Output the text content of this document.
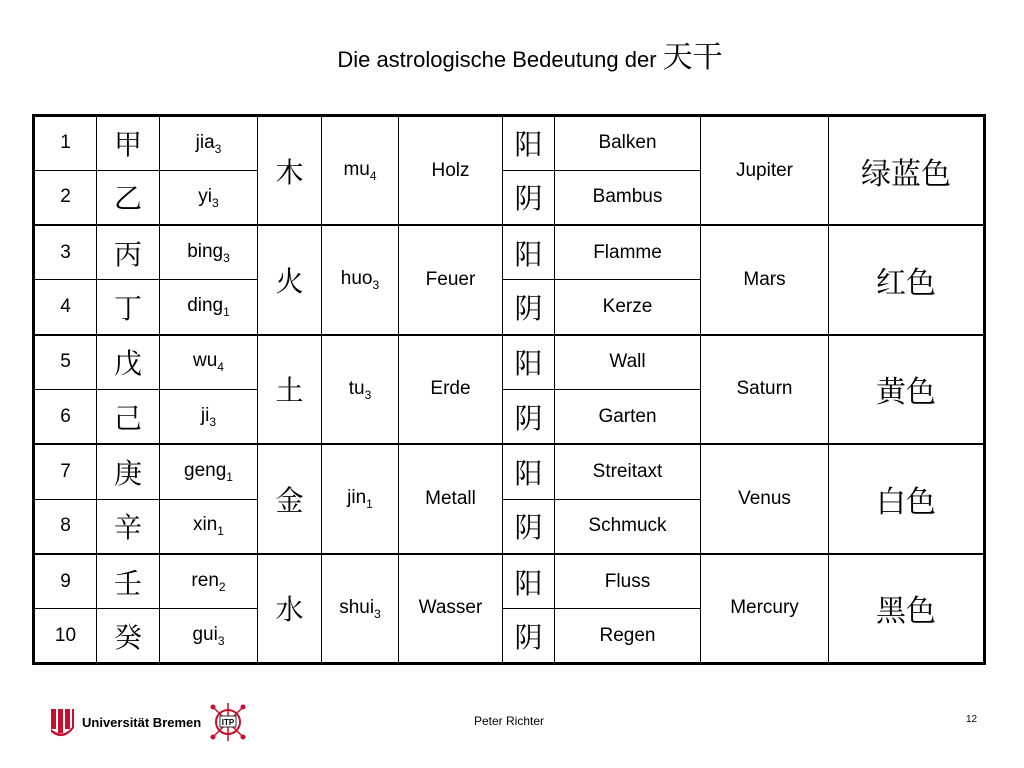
Die astrologische Bedeutung der 天干
1	甲	jia$_3$	木	$mu_4$	Holz	阳	Balken	Jupiter	绿蓝色
2	乙	$yi_3$				阴	Bambus		
3	丙	bing$_3$	火	huo$_3$	Feuer	阳	Flamme	Mars	红色
4	丁	ding$_1$				阴	Kerze		
5	戊	$wu_4$	土	$tu_3$	Erde	阳	Wall	Saturn	黄色
6	己	$ji_3$				阴	Garten		
7	庚	geng$_1$	金	jin$_1$	Metall	阳	Streitaxt	Venus	白色
8	辛	xin$_1$				阴	Schmuck		
9	壬	ren$_2$	水	shui$_3$	Wasser	阳	Fluss	Mercury	黑色
10	癸	gui$_3$				阴	Regen		
Universität Bremen	ITP	Peter Richter	12
